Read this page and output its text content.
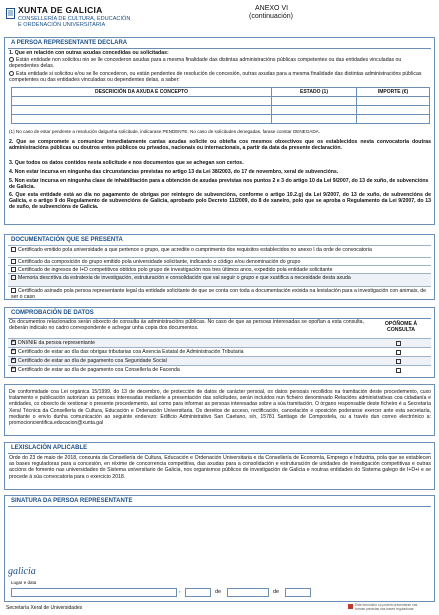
XUNTA DE GALICIA
CONSELLERÍA DE CULTURA, EDUCACIÓN
E ORDENACIÓN UNIVERSITARIA
ANEXO VI
(continuación)
A PERSOA REPRESENTANTE DECLARA
1. Que en relación con outras axudas concedidas ou solicitadas:
Están entidade non solicitou nin se lle concederon axudas para a mesma finalidade das distintas administracións públicas competentes ou das entidades vinculadas ou dependentes delas.
Esta entidade si solicitou e/ou se lle concederon, ou están pendentes de resolución de concesión, outras axudas para a mesma finalidade das distintas administracións públicas competentes ou das entidades vinculadas ou dependentes delas, a saber:
DESCRICIÓN DA AXUDA E CONCEPTO	ESTADO (1)	IMPORTE (€)

(1) No caso de estar pendente a resolución dalgunha solicitude, indicarase PENDENTE. No caso de solicitudes denegadas, farase constar DENEGADA.
2. Que se compromete a comunicar inmediatamente cantas axudas solicite ou obteña cos mesmos obxectivos que os establecidos nesta convocatoria doutras administracións públicas ou doutros entes públicos ou privados, nacionais ou internacionais, a partir da data da presente declaración.
3. Que todos os datos contidos nesta solicitude e nos documentos que se achegan son certos.
4. Non estar incursa en ningunha das circunstancias previstas no artigo 13 da Lei 38/2003, do 17 de novembro, xeral de subvencións.
5. Non estar incursa en ningunha clase de inhabilitación para a obtención de axudas previstas nos puntos 2 e 3 do artigo 10 da Lei 9/2007, do 13 de xuño, de subvencións de Galicia.
6. Que esta entidade está ao día no pagamento de obrigas por reintegro de subvencións, conforme o artigo 10.2.g) da Lei 9/2007, do 13 de xuño, de subvencións de Galicia, e o artigo 9 do Regulamento de subvencións de Galicia, aprobado polo Decreto 11/2009, do 8 de xaneiro, polo que se aproba o Regulamento da Lei 9/2007, do 13 de xuño, de subvencións de Galicia.
DOCUMENTACIÓN QUE SE PRESENTA
Certificado emitido pola universidade a que pertence o grupo, que acredite o cumprimento dos requisitos establecidos no anexo I da orde de convocatoria
Certificado da composición do grupo emitido pola universidade solicitante, indicando o código e/ou denominación do grupo
Certificado de ingresos de I+D competitivos obtidos polo grupo de investigación nos tres últimos anos, expedido pola entidade solicitante
Memoria descritiva da estratexia de investigación, estruturación e consolidación que vai seguir o grupo e que xustifica a necesidade desta axuda
Certificado asinado pola persoa representante legal da entidade solicitante de que se conta con toda a documentación exixida na lexislación para a investigación con animais, de ser o caso
COMPROBACIÓN DE DATOS
Os documentos relacionados serán obxecto de consulta ás administracións públicas. No caso de que as persoas interesadas se opoñan a esta consulta, deberán indicalo no cadro correspondente e achegar unha copia dos documentos.
OPÓÑOME Á CONSULTA
×DNI/NIE da persoa representante
×Certificado de estar ao día das obrigas tributarias coa Axencia Estatal de Administración Tributaria
×Certificado de estar ao día de pagamento coa Seguridade Social
×Certificado de estar ao día de pagamento coa Consellería de Facenda
De conformidade coa Lei orgánica 15/1999, do 13 de decembro, de protección de datos de carácter persoal, os datos persoais recollidos na tramitación deste procedemento, cuxo tratamento e publicación autorizan as persoas interesadas mediante a presentación das solicitudes, serán incluídos nun ficheiro denominado Relacións administrativas coa cidadanía e entidades, co obxecto de xestionar o presente procedemento, así como para informar as persoas interesadas sobre a súa tramitación. O órgano responsable deste ficheiro é a Secretaría Xeral Técnica da Consellería de Cultura, Educación e Ordenación Universitaria. Os dereitos de acceso, rectificación, cancelación e oposición poderanse exercer ante esta secretaría, mediante o envío dunha comunicación ao seguinte enderezo: Edificio Administrativo San Caetano, s/n, 15781 Santiago de Compostela, ou a través dun correo electrónico a: promocioncientifica.educacion@xunta.gal
LEXISLACIÓN APLICABLE
Orde do 23 de maio de 2018, conxunta da Consellería de Cultura, Educación e Ordenación Universitaria e da Consellería de Economía, Emprego e Industria, pola que se establecen as bases reguladoras para a concesión, en réxime de concorrencia competitiva, das axudas para a consolidación e estruturación de unidades de investigación competitivas e outras accións de fomento nas universidades do Sistema universitario de Galicia, nos organismos públicos de investigación de Galicia e noutras entidades do Sistema galego de I+D+i e se procede á súa convocatoria para o exercicio 2018.
SINATURA DA PERSOA REPRESENTANTE
Lugar e data
,	de	de
galicia
Secretaría Xeral de Universidades	Este formulario só poderá presentarse nas
formas previstas nas bases reguladoras
